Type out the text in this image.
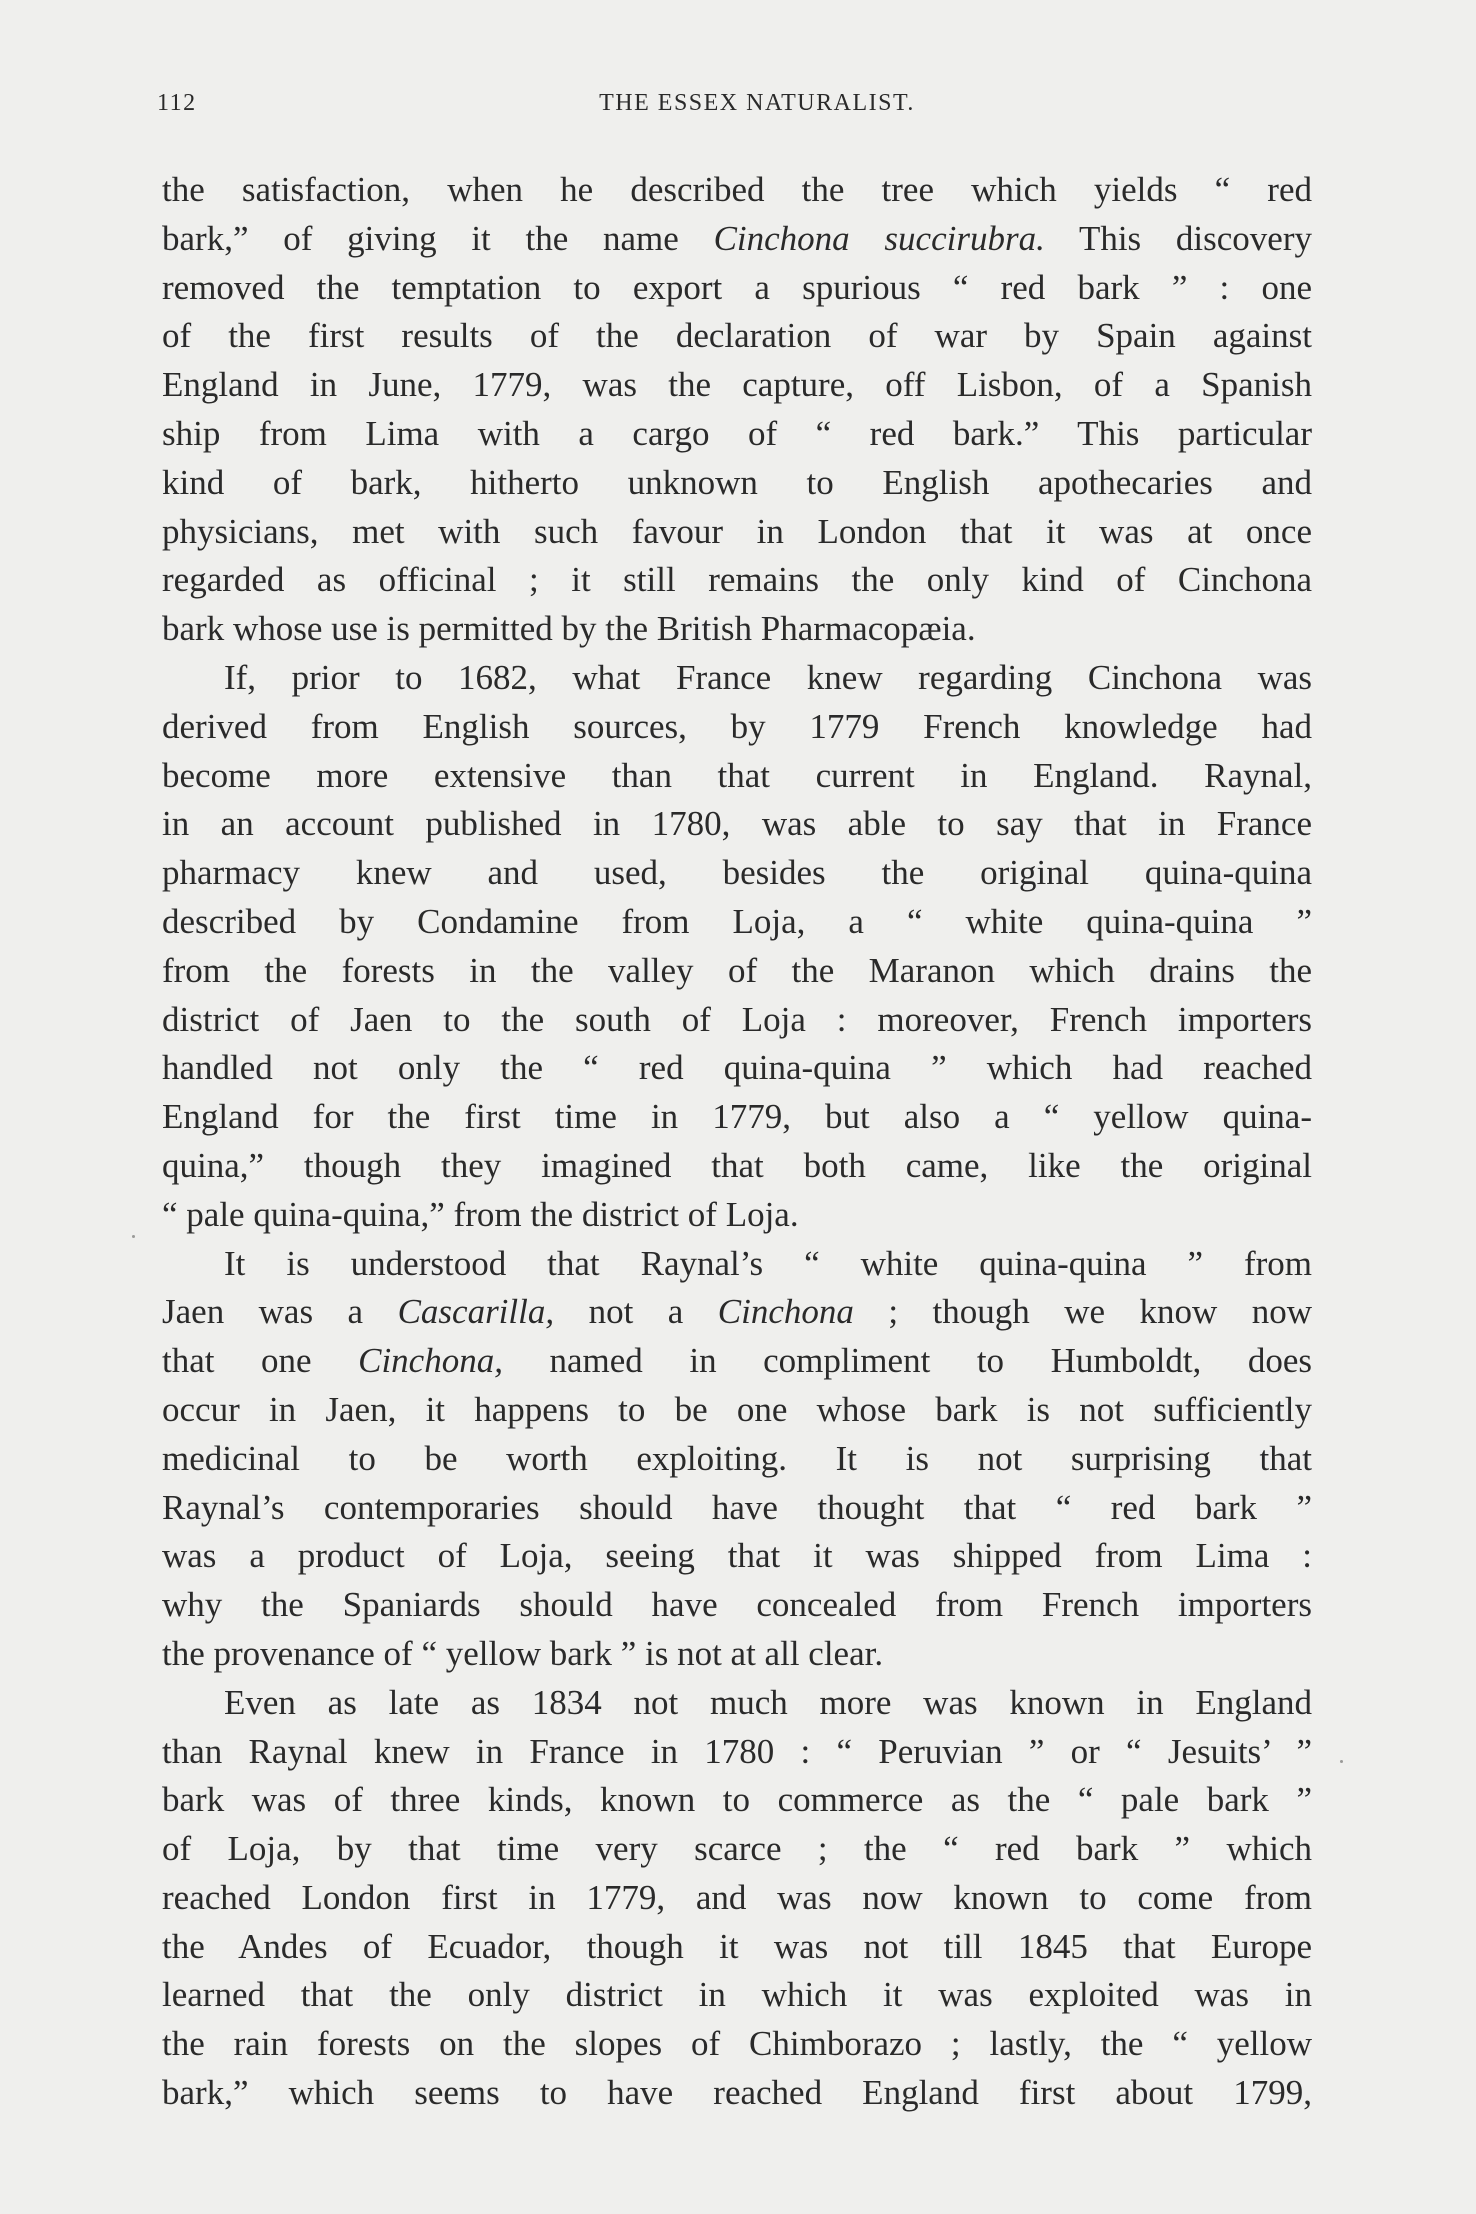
112	THE ESSEX NATURALIST.
the satisfaction, when he described the tree which yields “ red
bark,” of giving it the name Cinchona succirubra. This discovery
removed the temptation to export a spurious “ red bark ” : one
of the first results of the declaration of war by Spain against
England in June, 1779, was the capture, off Lisbon, of a Spanish
ship from Lima with a cargo of “ red bark.” This particular
kind of bark, hitherto unknown to English apothecaries and
physicians, met with such favour in London that it was at once
regarded as officinal ; it still remains the only kind of Cinchona
bark whose use is permitted by the British Pharmacopæia.
If, prior to 1682, what France knew regarding Cinchona was
derived from English sources, by 1779 French knowledge had
become more extensive than that current in England. Raynal,
in an account published in 1780, was able to say that in France
pharmacy knew and used, besides the original quina-quina
described by Condamine from Loja, a “ white quina-quina ”
from the forests in the valley of the Maranon which drains the
district of Jaen to the south of Loja : moreover, French importers
handled not only the “ red quina-quina ” which had reached
England for the first time in 1779, but also a “ yellow quina-
quina,” though they imagined that both came, like the original
“ pale quina-quina,” from the district of Loja.
It is understood that Raynal’s “ white quina-quina ” from
Jaen was a Cascarilla, not a Cinchona ; though we know now
that one Cinchona, named in compliment to Humboldt, does
occur in Jaen, it happens to be one whose bark is not sufficiently
medicinal to be worth exploiting. It is not surprising that
Raynal’s contemporaries should have thought that “ red bark ”
was a product of Loja, seeing that it was shipped from Lima :
why the Spaniards should have concealed from French importers
the provenance of “ yellow bark ” is not at all clear.
Even as late as 1834 not much more was known in England
than Raynal knew in France in 1780 : “ Peruvian ” or “ Jesuits’ ”
bark was of three kinds, known to commerce as the “ pale bark ”
of Loja, by that time very scarce ; the “ red bark ” which
reached London first in 1779, and was now known to come from
the Andes of Ecuador, though it was not till 1845 that Europe
learned that the only district in which it was exploited was in
the rain forests on the slopes of Chimborazo ; lastly, the “ yellow
bark,” which seems to have reached England first about 1799,
